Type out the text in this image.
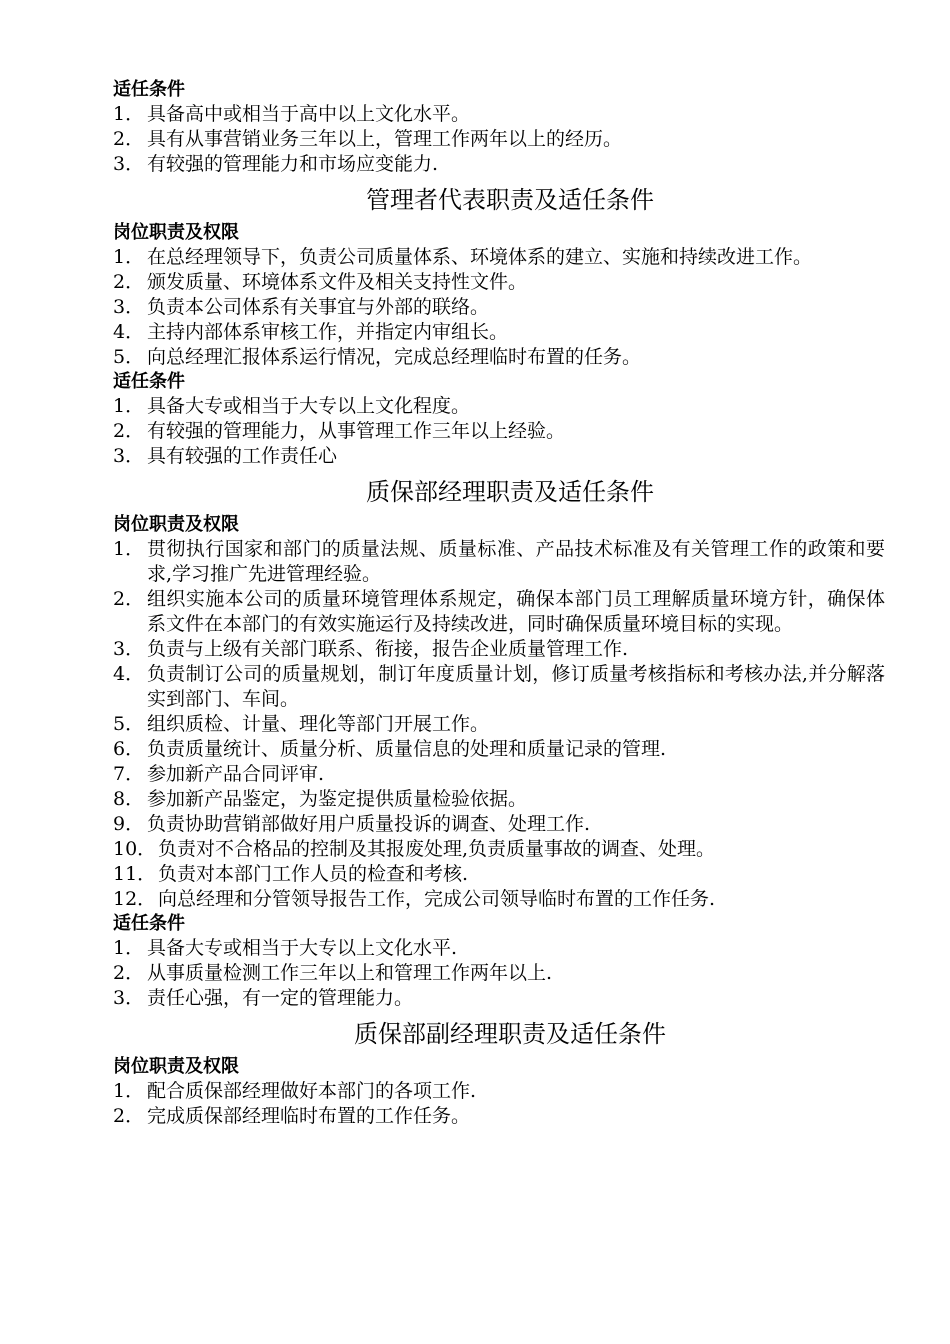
适任条件
1． 具备高中或相当于高中以上文化水平。
2． 具有从事营销业务三年以上，管理工作两年以上的经历。
3． 有较强的管理能力和市场应变能力.
管理者代表职责及适任条件
岗位职责及权限
1． 在总经理领导下，负责公司质量体系、环境体系的建立、实施和持续改进工作。
2． 颁发质量、环境体系文件及相关支持性文件。
3． 负责本公司体系有关事宜与外部的联络。
4． 主持内部体系审核工作，并指定内审组长。
5． 向总经理汇报体系运行情况，完成总经理临时布置的任务。
适任条件
1． 具备大专或相当于大专以上文化程度。
2． 有较强的管理能力，从事管理工作三年以上经验。
3． 具有较强的工作责任心
质保部经理职责及适任条件
岗位职责及权限
1． 贯彻执行国家和部门的质量法规、质量标准、产品技术标准及有关管理工作的政策和要求,学习推广先进管理经验。
2． 组织实施本公司的质量环境管理体系规定，确保本部门员工理解质量环境方针，确保体系文件在本部门的有效实施运行及持续改进，同时确保质量环境目标的实现。
3． 负责与上级有关部门联系、衔接，报告企业质量管理工作.
4． 负责制订公司的质量规划，制订年度质量计划，修订质量考核指标和考核办法,并分解落实到部门、车间。
5． 组织质检、计量、理化等部门开展工作。
6． 负责质量统计、质量分析、质量信息的处理和质量记录的管理.
7． 参加新产品合同评审.
8． 参加新产品鉴定，为鉴定提供质量检验依据。
9． 负责协助营销部做好用户质量投诉的调查、处理工作.
10． 负责对不合格品的控制及其报废处理,负责质量事故的调查、处理。
11． 负责对本部门工作人员的检查和考核.
12． 向总经理和分管领导报告工作，完成公司领导临时布置的工作任务.
适任条件
1． 具备大专或相当于大专以上文化水平.
2． 从事质量检测工作三年以上和管理工作两年以上.
3． 责任心强，有一定的管理能力。
质保部副经理职责及适任条件
岗位职责及权限
1． 配合质保部经理做好本部门的各项工作.
2． 完成质保部经理临时布置的工作任务。
